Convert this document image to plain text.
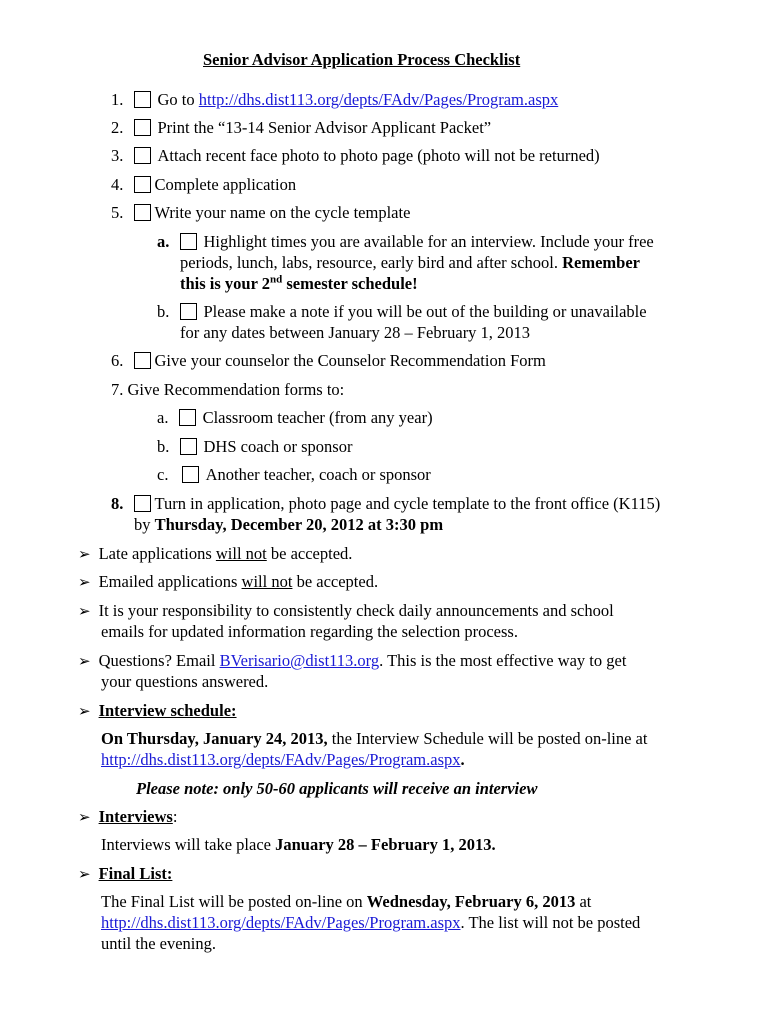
Senior Advisor Application Process Checklist
1. Go to http://dhs.dist113.org/depts/FAdv/Pages/Program.aspx
2. Print the “13-14 Senior Advisor Applicant Packet”
3. Attach recent face photo to photo page (photo will not be returned)
4. Complete application
5. Write your name on the cycle template
a. Highlight times you are available for an interview. Include your free
periods, lunch, labs, resource, early bird and after school. Remember
this is your 2nd semester schedule!
b. Please make a note if you will be out of the building or unavailable
for any dates between January 28 – February 1, 2013
6. Give your counselor the Counselor Recommendation Form
7. Give Recommendation forms to:
a. Classroom teacher (from any year)
b. DHS coach or sponsor
c. Another teacher, coach or sponsor
8. Turn in application, photo page and cycle template to the front office (K115)
by Thursday, December 20, 2012 at 3:30 pm
➢ Late applications will not be accepted.
➢ Emailed applications will not be accepted.
➢ It is your responsibility to consistently check daily announcements and school
emails for updated information regarding the selection process.
➢ Questions? Email BVerisario@dist113.org. This is the most effective way to get
your questions answered.
➢ Interview schedule:
On Thursday, January 24, 2013, the Interview Schedule will be posted on-line at
http://dhs.dist113.org/depts/FAdv/Pages/Program.aspx.
Please note: only 50-60 applicants will receive an interview
➢ Interviews:
Interviews will take place January 28 – February 1, 2013.
➢ Final List:
The Final List will be posted on-line on Wednesday, February 6, 2013 at
http://dhs.dist113.org/depts/FAdv/Pages/Program.aspx. The list will not be posted
until the evening.
